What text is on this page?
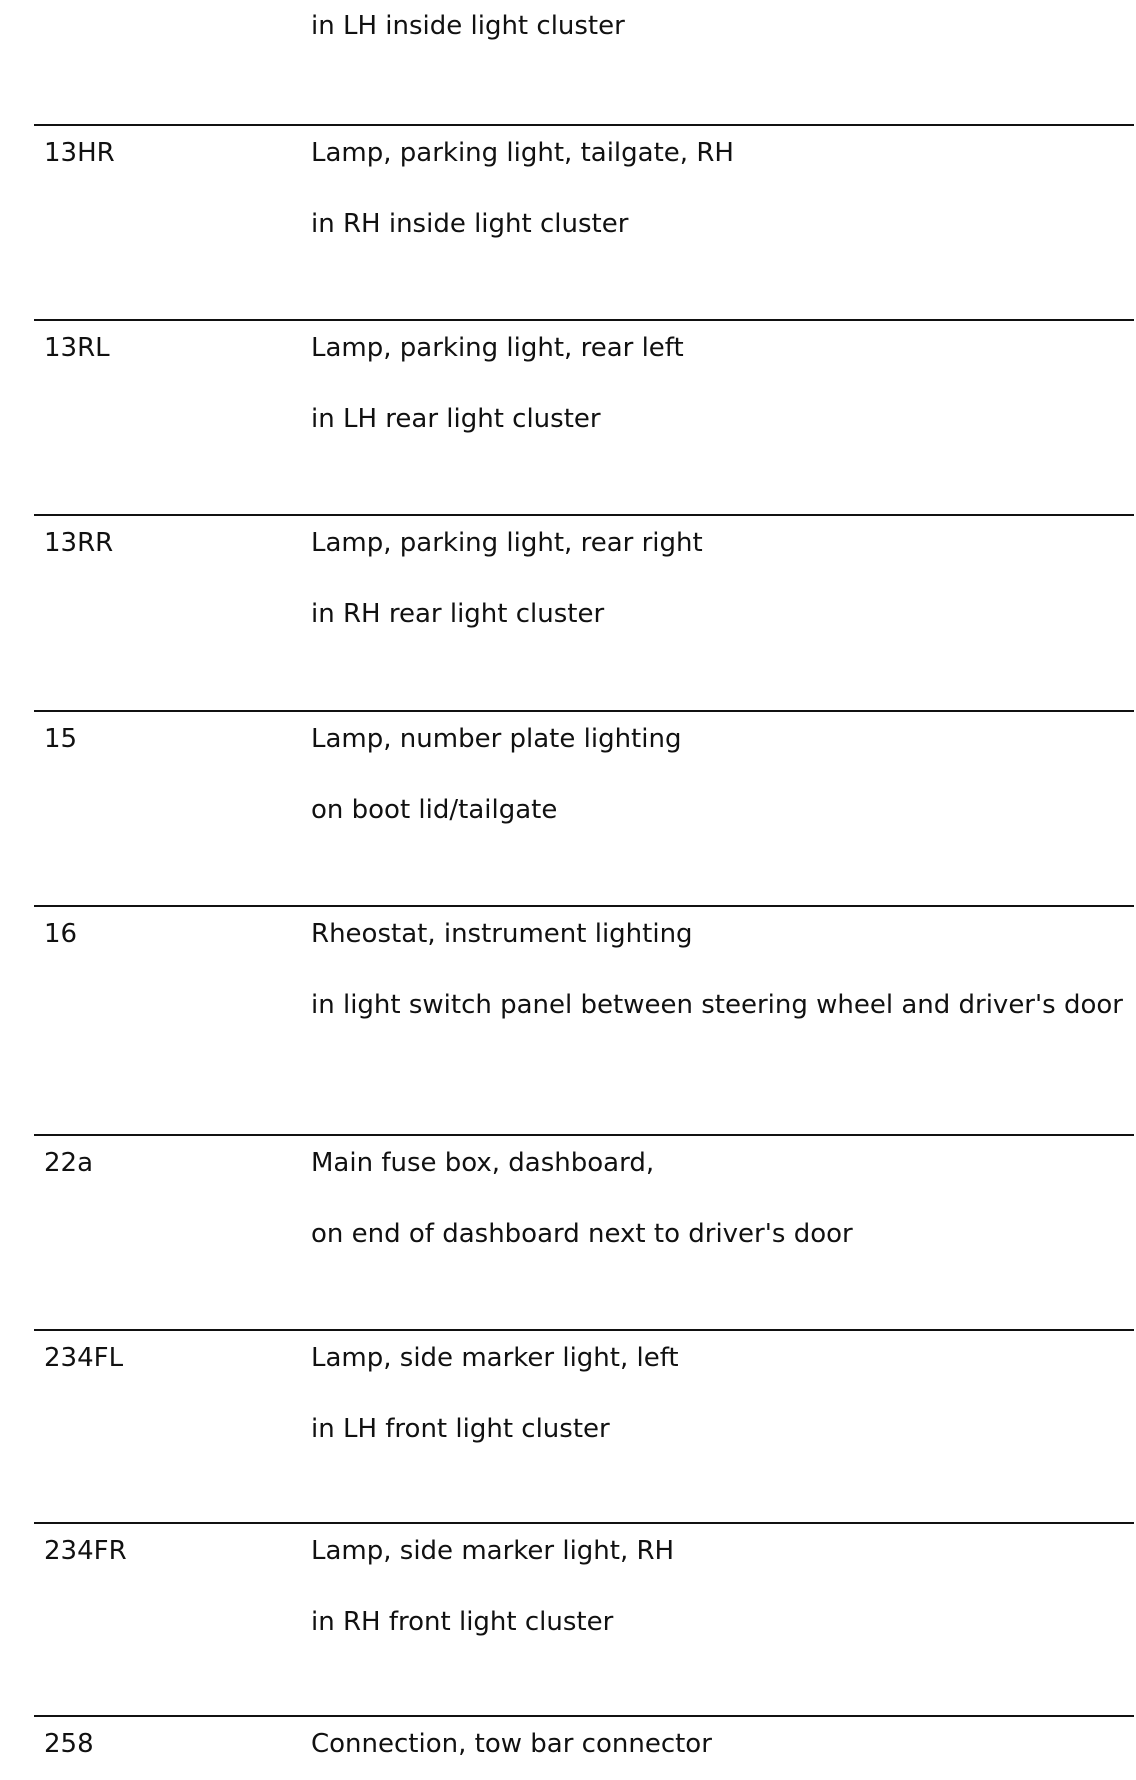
in LH inside light cluster
13HR	Lamp, parking light, tailgate, RH
in RH inside light cluster
13RL	Lamp, parking light, rear left
in LH rear light cluster
13RR	Lamp, parking light, rear right
in RH rear light cluster
15	Lamp, number plate lighting
on boot lid/tailgate
16	Rheostat, instrument lighting
in light switch panel between steering wheel and driver's door
22a	Main fuse box, dashboard,
on end of dashboard next to driver's door
234FL	Lamp, side marker light, left
in LH front light cluster
234FR	Lamp, side marker light, RH
in RH front light cluster
258	Connection, tow bar connector
